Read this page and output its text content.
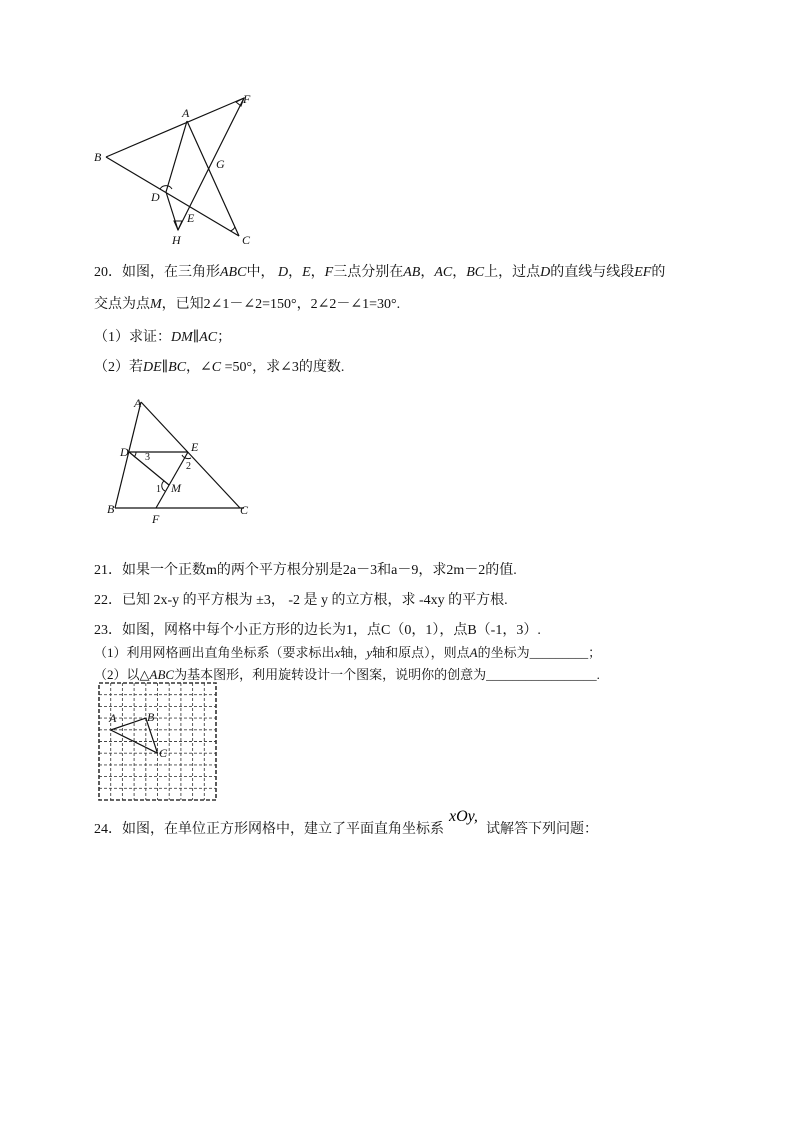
A
F
B	G
D
E
H	C
20．如图，在三角形ABC中， D，E，F三点分别在AB，AC，BC上，过点D的直线与线段EF的
交点为点M，已知2∠1－∠2=150°，2∠2－∠1=30°.
（1）求证：DM∥AC；
（2）若DE∥BC，∠C =50°，求∠3的度数.
A
D	E
B	C
F
M
1
2
3
21．如果一个正数m的两个平方根分别是2a－3和a－9，求2m－2的值.
22．已知 2x-y 的平方根为 ±3， -2 是 y 的立方根，求 -4xy 的平方根.
23．如图，网格中每个小正方形的边长为1，点C（0，1），点B（-1，3）.
（1）利用网格画出直角坐标系（要求标出x轴，y轴和原点），则点A的坐标为_________；
（2）以△ABC为基本图形，利用旋转设计一个图案，说明你的创意为_________________.
A	B
C
24．如图，在单位正方形网格中，建立了平面直角坐标系
xOy,
试解答下列问题：
